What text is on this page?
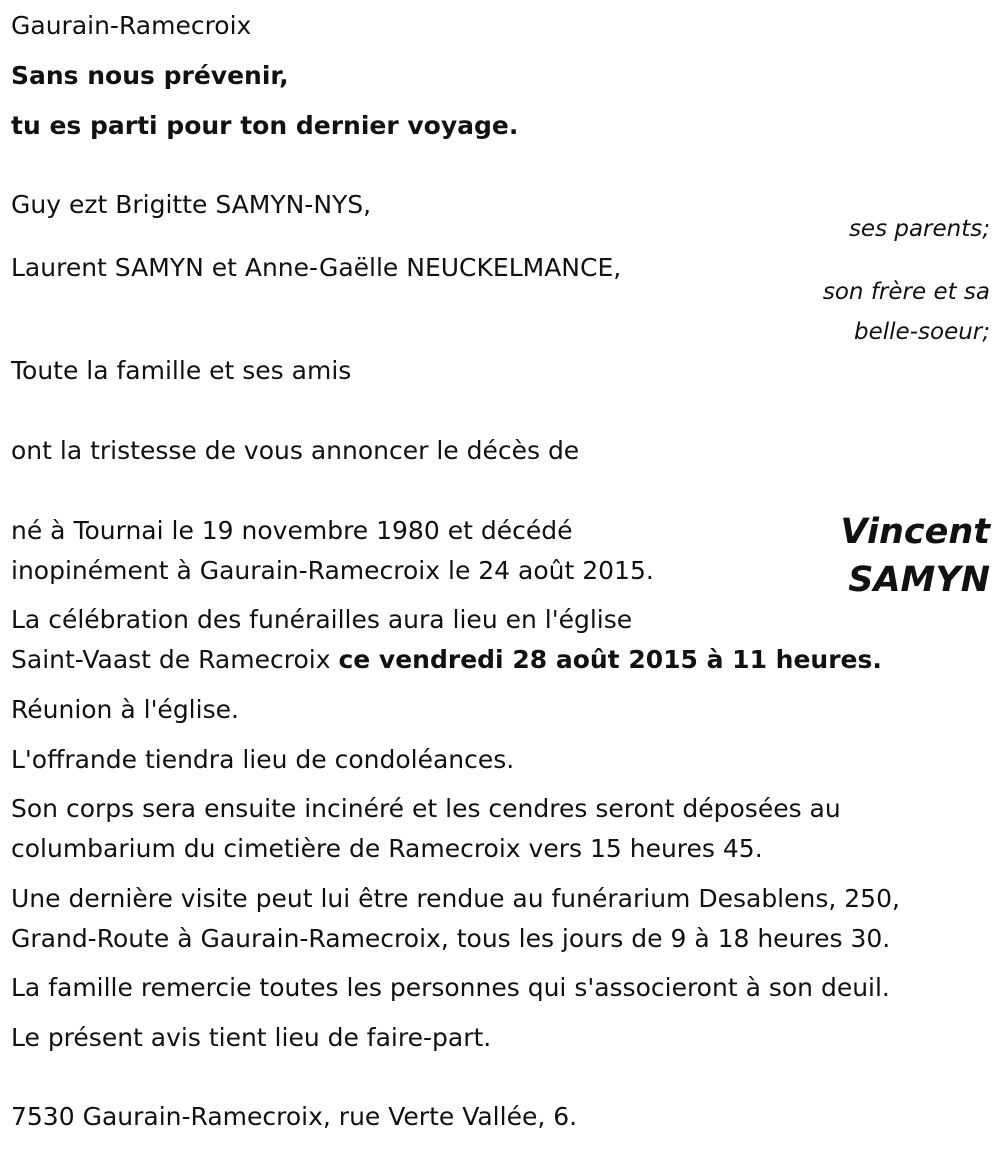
Gaurain-Ramecroix
Sans nous prévenir,
tu es parti pour ton dernier voyage.
Guy ezt Brigitte SAMYN-NYS,
ses parents;
Laurent SAMYN et Anne-Gaëlle NEUCKELMANCE,
son frère et sa
belle-soeur;
Toute la famille et ses amis
ont la tristesse de vous annoncer le décès de
Vincent
SAMYN
né à Tournai le 19 novembre 1980 et décédé
inopinément à Gaurain-Ramecroix le 24 août 2015.
La célébration des funérailles aura lieu en l'église
Saint-Vaast de Ramecroix ce vendredi 28 août 2015 à 11 heures.
Réunion à l'église.
L'offrande tiendra lieu de condoléances.
Son corps sera ensuite incinéré et les cendres seront déposées au
columbarium du cimetière de Ramecroix vers 15 heures 45.
Une dernière visite peut lui être rendue au funérarium Desablens, 250,
Grand-Route à Gaurain-Ramecroix, tous les jours de 9 à 18 heures 30.
La famille remercie toutes les personnes qui s'associeront à son deuil.
Le présent avis tient lieu de faire-part.
7530 Gaurain-Ramecroix, rue Verte Vallée, 6.
